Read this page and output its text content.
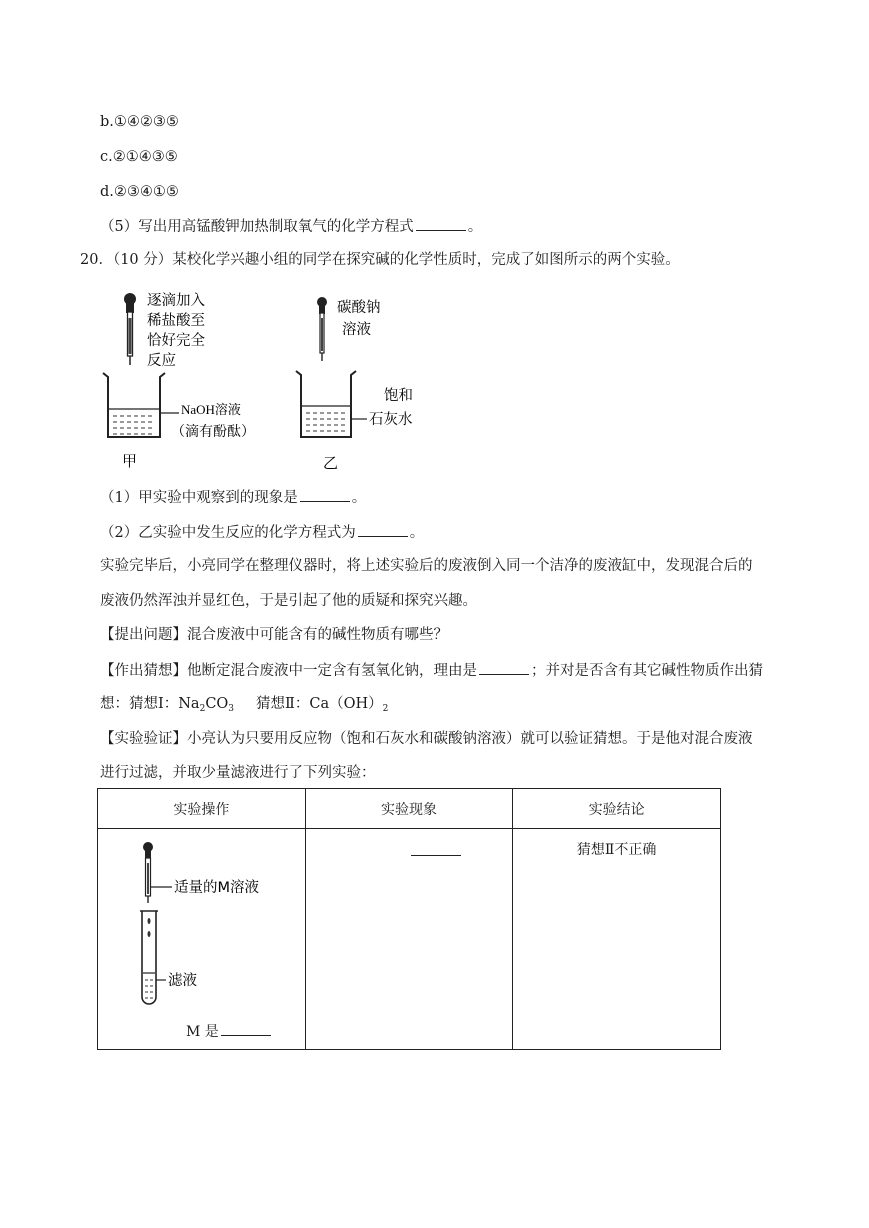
b.①④②③⑤
c.②①④③⑤
d.②③④①⑤
（5）写出用高锰酸钾加热制取氧气的化学方程式	。
20．（10 分）某校化学兴趣小组的同学在探究碱的化学性质时，完成了如图所示的两个实验。
逐滴加入
稀盐酸至
恰好完全
反应
NaOH溶液
（滴有酚酞）
甲
碳酸钠
溶液
饱和
石灰水
乙
（1）甲实验中观察到的现象是	。
（2）乙实验中发生反应的化学方程式为	。
实验完毕后，小亮同学在整理仪器时，将上述实验后的废液倒入同一个洁净的废液缸中，发现混合后的
废液仍然浑浊并显红色，于是引起了他的质疑和探究兴趣。
【提出问题】混合废液中可能含有的碱性物质有哪些？
【作出猜想】他断定混合废液中一定含有氢氧化钠，理由是	；并对是否含有其它碱性物质作出猜
想：猜想Ⅰ：$Na_2CO_3$ 猜想Ⅱ：$Ca(OH)_2$
【实验验证】小亮认为只要用反应物（饱和石灰水和碳酸钠溶液）就可以验证猜想。于是他对混合废液
进行过滤，并取少量滤液进行了下列实验：
实验操作	实验现象	实验结论

适量的M溶液
滤液
M 是		猜想Ⅱ不正确
